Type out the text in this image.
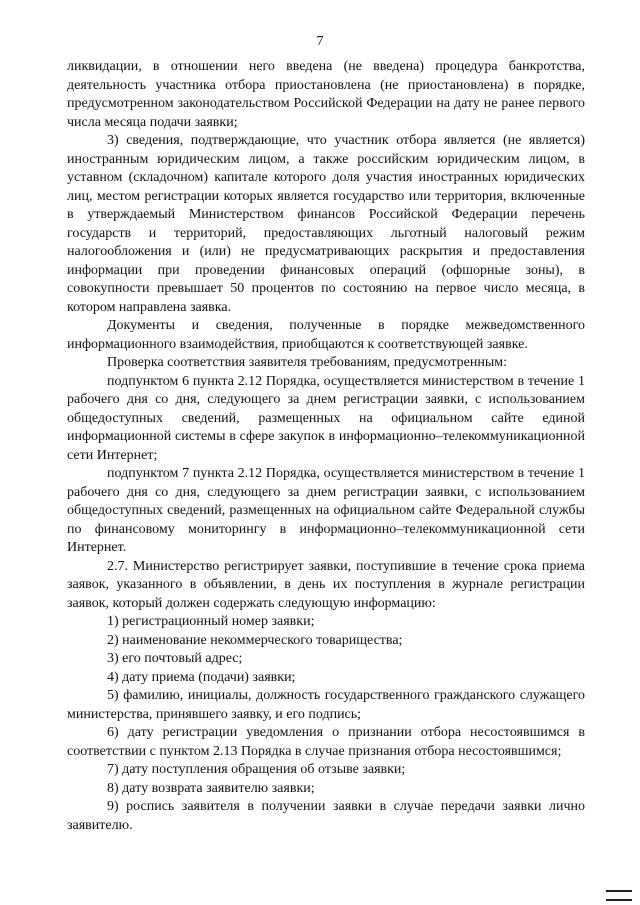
7

ликвидации, в отношении него введена (не введена) процедура банкротства, деятельность участника отбора приостановлена (не приостановлена) в порядке, предусмотренном законодательством Российской Федерации на дату не ранее первого числа месяца подачи заявки;

3) сведения, подтверждающие, что участник отбора является (не является) иностранным юридическим лицом, а также российским юридическим лицом, в уставном (складочном) капитале которого доля участия иностранных юридических лиц, местом регистрации которых является государство или территория, включенные в утверждаемый Министерством финансов Российской Федерации перечень государств и территорий, предоставляющих льготный налоговый режим налогообложения и (или) не предусматривающих раскрытия и предоставления информации при проведении финансовых операций (офшорные зоны), в совокупности превышает 50 процентов по состоянию на первое число месяца, в котором направлена заявка.

Документы и сведения, полученные в порядке межведомственного информационного взаимодействия, приобщаются к соответствующей заявке.

Проверка соответствия заявителя требованиям, предусмотренным:

подпунктом 6 пункта 2.12 Порядка, осуществляется министерством в течение 1 рабочего дня со дня, следующего за днем регистрации заявки, с использованием общедоступных сведений, размещенных на официальном сайте единой информационной системы в сфере закупок в информационно–телекоммуникационной сети Интернет;

подпунктом 7 пункта 2.12 Порядка, осуществляется министерством в течение 1 рабочего дня со дня, следующего за днем регистрации заявки, с использованием общедоступных сведений, размещенных на официальном сайте Федеральной службы по финансовому мониторингу в информационно–телекоммуникационной сети Интернет.

2.7. Министерство регистрирует заявки, поступившие в течение срока приема заявок, указанного в объявлении, в день их поступления в журнале регистрации заявок, который должен содержать следующую информацию:

1) регистрационный номер заявки;

2) наименование некоммерческого товарищества;

3) его почтовый адрес;

4) дату приема (подачи) заявки;

5) фамилию, инициалы, должность государственного гражданского служащего министерства, принявшего заявку, и его подпись;

6) дату регистрации уведомления о признании отбора несостоявшимся в соответствии с пунктом 2.13 Порядка в случае признания отбора несостоявшимся;

7) дату поступления обращения об отзыве заявки;

8) дату возврата заявителю заявки;

9) роспись заявителя в получении заявки в случае передачи заявки лично заявителю.
